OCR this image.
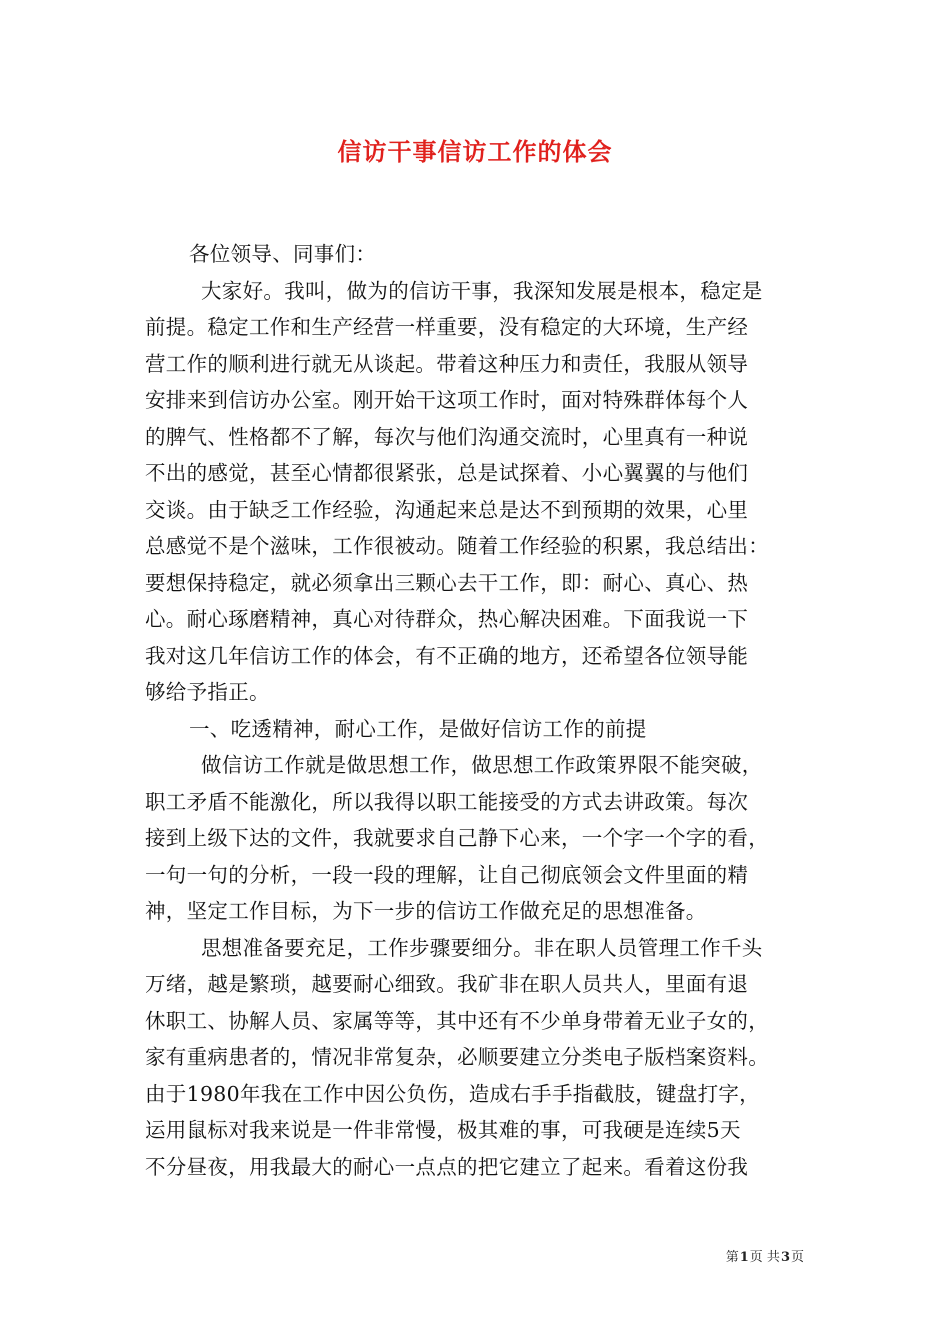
信访干事信访工作的体会
各位领导、同事们：
大家好。我叫，做为的信访干事，我深知发展是根本，稳定是
前提。稳定工作和生产经营一样重要，没有稳定的大环境，生产经
营工作的顺利进行就无从谈起。带着这种压力和责任，我服从领导
安排来到信访办公室。刚开始干这项工作时，面对特殊群体每个人
的脾气、性格都不了解，每次与他们沟通交流时，心里真有一种说
不出的感觉，甚至心情都很紧张，总是试探着、小心翼翼的与他们
交谈。由于缺乏工作经验，沟通起来总是达不到预期的效果，心里
总感觉不是个滋味，工作很被动。随着工作经验的积累，我总结出：
要想保持稳定，就必须拿出三颗心去干工作，即：耐心、真心、热
心。耐心琢磨精神，真心对待群众，热心解决困难。下面我说一下
我对这几年信访工作的体会，有不正确的地方，还希望各位领导能
够给予指正。
一、吃透精神，耐心工作，是做好信访工作的前提
做信访工作就是做思想工作，做思想工作政策界限不能突破，
职工矛盾不能激化，所以我得以职工能接受的方式去讲政策。每次
接到上级下达的文件，我就要求自己静下心来，一个字一个字的看，
一句一句的分析，一段一段的理解，让自己彻底领会文件里面的精
神，坚定工作目标，为下一步的信访工作做充足的思想准备。
思想准备要充足，工作步骤要细分。非在职人员管理工作千头
万绪，越是繁琐，越要耐心细致。我矿非在职人员共人，里面有退
休职工、协解人员、家属等等，其中还有不少单身带着无业子女的，
家有重病患者的，情况非常复杂，必顺要建立分类电子版档案资料。
由于1980年我在工作中因公负伤，造成右手手指截肢，键盘打字，
运用鼠标对我来说是一件非常慢，极其难的事，可我硬是连续5天
不分昼夜，用我最大的耐心一点点的把它建立了起来。看着这份我
第1页 共3页
